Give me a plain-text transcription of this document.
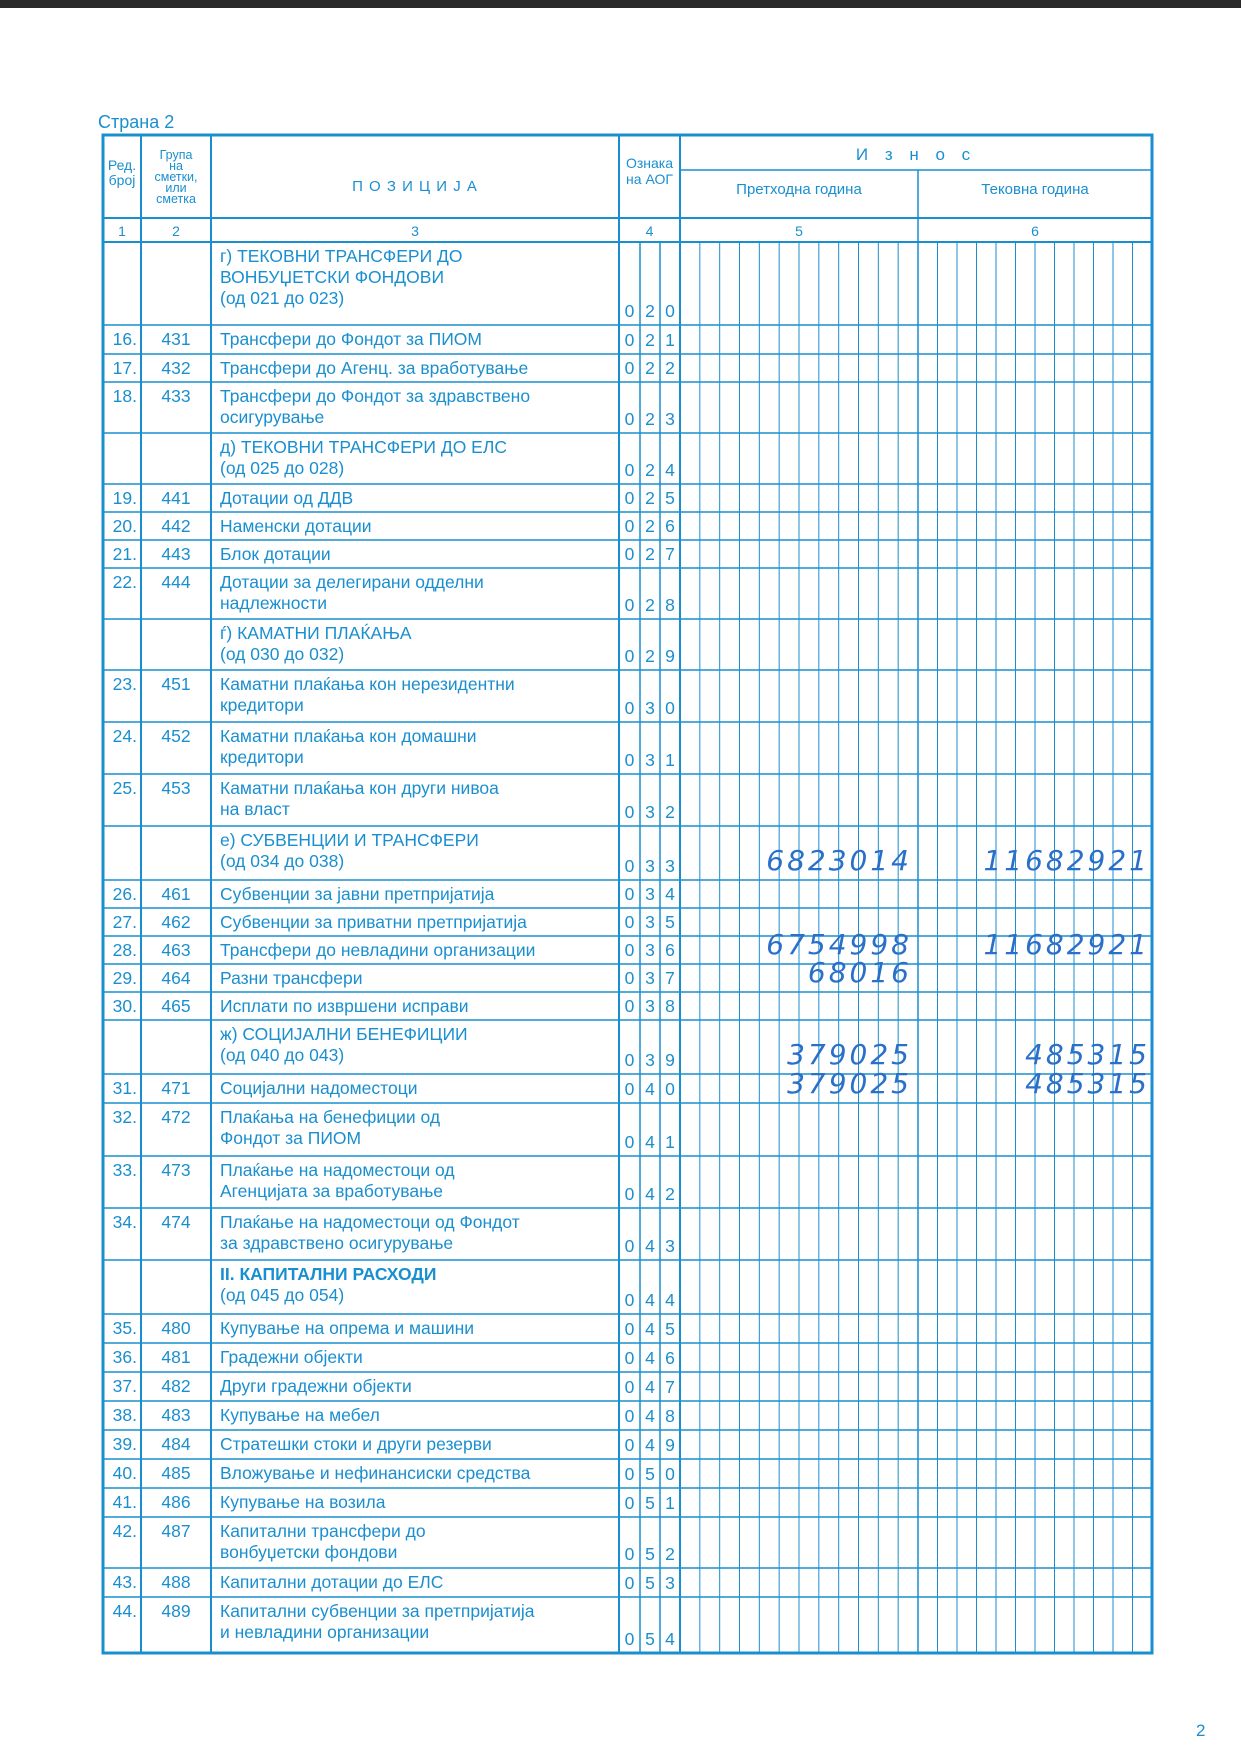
Страна 2
Ред.
број
Група
на
сметки,
или
сметка
П О З И Ц И Ј А
Ознака
на АОГ
И з н о с
Претходна година	Тековна година
1	2	3	4	5	6
г) ТЕКОВНИ ТРАНСФЕРИ ДО
ВОНБУЏЕТСКИ ФОНДОВИ
(од 021 до 023)
0 2 0
16.	431	Трансфери до Фондот за ПИОМ	0 2 1
17.	432	Трансфери до Агенц. за вработување	0 2 2
18.	433	Трансфери до Фондот за здравствено
осигурување	0 2 3
д) ТЕКОВНИ ТРАНСФЕРИ ДО ЕЛС
(од 025 до 028)	0 2 4
19.	441	Дотации од ДДВ	0 2 5
20.	442	Наменски дотации	0 2 6
21.	443	Блок дотации	0 2 7
22.	444	Дотации за делегирани одделни
надлежности	0 2 8
ѓ) КАМАТНИ ПЛАЌАЊА
(од 030 до 032)	0 2 9
23.	451	Каматни плаќања кон нерезидентни
кредитори	0 3 0
24.	452	Каматни плаќања кон домашни
кредитори	0 3 1
25.	453	Каматни плаќања кон други нивоа
на власт	0 3 2
е) СУБВЕНЦИИ И ТРАНСФЕРИ
(од 034 до 038)	0 3 3	6823014	11682921
26.	461	Субвенции за јавни претпријатија	0 3 4
27.	462	Субвенции за приватни претпријатија	0 3 5
28.	463	Трансфери до невладини организации	0 3 6	6754998	11682921
29.	464	Разни трансфери	0 3 7	68016
30.	465	Исплати по извршени исправи	0 3 8
ж) СОЦИЈАЛНИ БЕНЕФИЦИИ
(од 040 до 043)	0 3 9	379025	485315
31.	471	Социјални надоместоци	0 4 0	379025	485315
32.	472	Плаќања на бенефиции од
Фондот за ПИОМ	0 4 1
33.	473	Плаќање на надоместоци од
Агенцијата за вработување	0 4 2
34.	474	Плаќање на надоместоци од Фондот
за здравствено осигурување	0 4 3
II. КАПИТАЛНИ РАСХОДИ
(од 045 до 054)	0 4 4
35.	480	Купување на опрема и машини	0 4 5
36.	481	Градежни објекти	0 4 6
37.	482	Други градежни објекти	0 4 7
38.	483	Купување на мебел	0 4 8
39.	484	Стратешки стоки и други резерви	0 4 9
40.	485	Вложување и нефинансиски средства	0 5 0
41.	486	Купување на возила	0 5 1
42.	487	Капитални трансфери до
вонбуџетски фондови	0 5 2
43.	488	Капитални дотации до ЕЛС	0 5 3
44.	489	Капитални субвенции за претпријатија
и невладини организации	0 5 4
2
